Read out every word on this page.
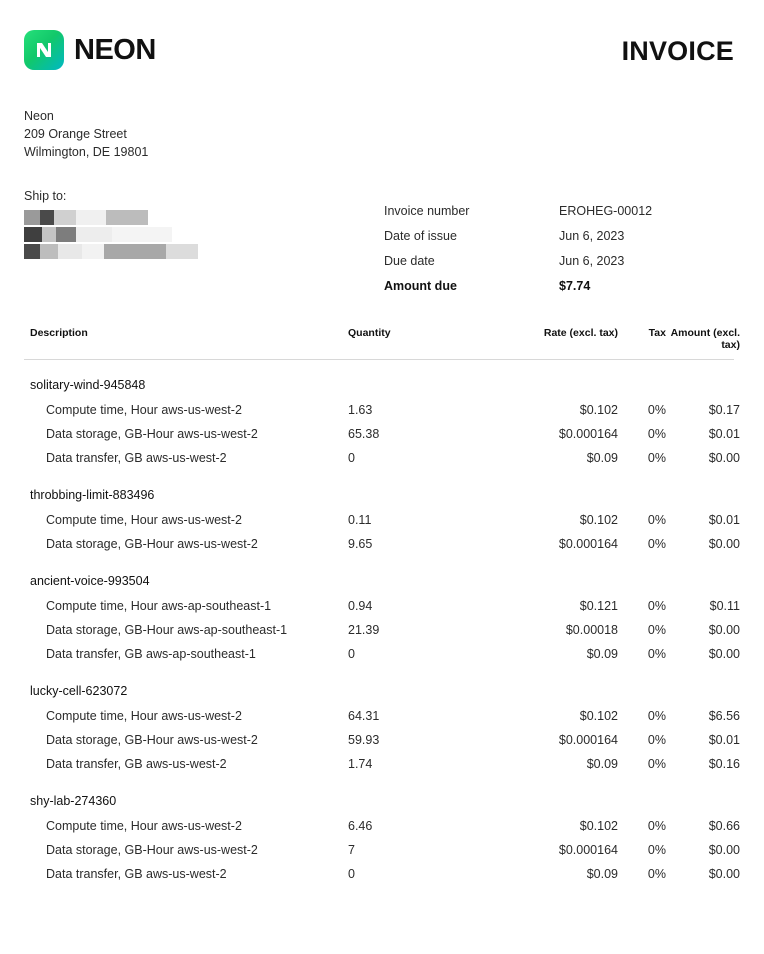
NEON	INVOICE
Neon
209 Orange Street
Wilmington, DE 19801
Ship to:
Invoice number	EROHEG-00012
Date of issue	Jun 6, 2023
Due date	Jun 6, 2023
Amount due	$7.74
Description	Quantity	Rate (excl. tax)	Tax Amount (excl. tax)
solitary-wind-945848
Compute time, Hour aws-us-west-2	1.63	$0.102	0%	$0.17
Data storage, GB-Hour aws-us-west-2	65.38	$0.000164	0%	$0.01
Data transfer, GB aws-us-west-2	0	$0.09	0%	$0.00
throbbing-limit-883496
Compute time, Hour aws-us-west-2	0.11	$0.102	0%	$0.01
Data storage, GB-Hour aws-us-west-2	9.65	$0.000164	0%	$0.00
ancient-voice-993504
Compute time, Hour aws-ap-southeast-1	0.94	$0.121	0%	$0.11
Data storage, GB-Hour aws-ap-southeast-1	21.39	$0.00018	0%	$0.00
Data transfer, GB aws-ap-southeast-1	0	$0.09	0%	$0.00
lucky-cell-623072
Compute time, Hour aws-us-west-2	64.31	$0.102	0%	$6.56
Data storage, GB-Hour aws-us-west-2	59.93	$0.000164	0%	$0.01
Data transfer, GB aws-us-west-2	1.74	$0.09	0%	$0.16
shy-lab-274360
Compute time, Hour aws-us-west-2	6.46	$0.102	0%	$0.66
Data storage, GB-Hour aws-us-west-2	7	$0.000164	0%	$0.00
Data transfer, GB aws-us-west-2	0	$0.09	0%	$0.00
